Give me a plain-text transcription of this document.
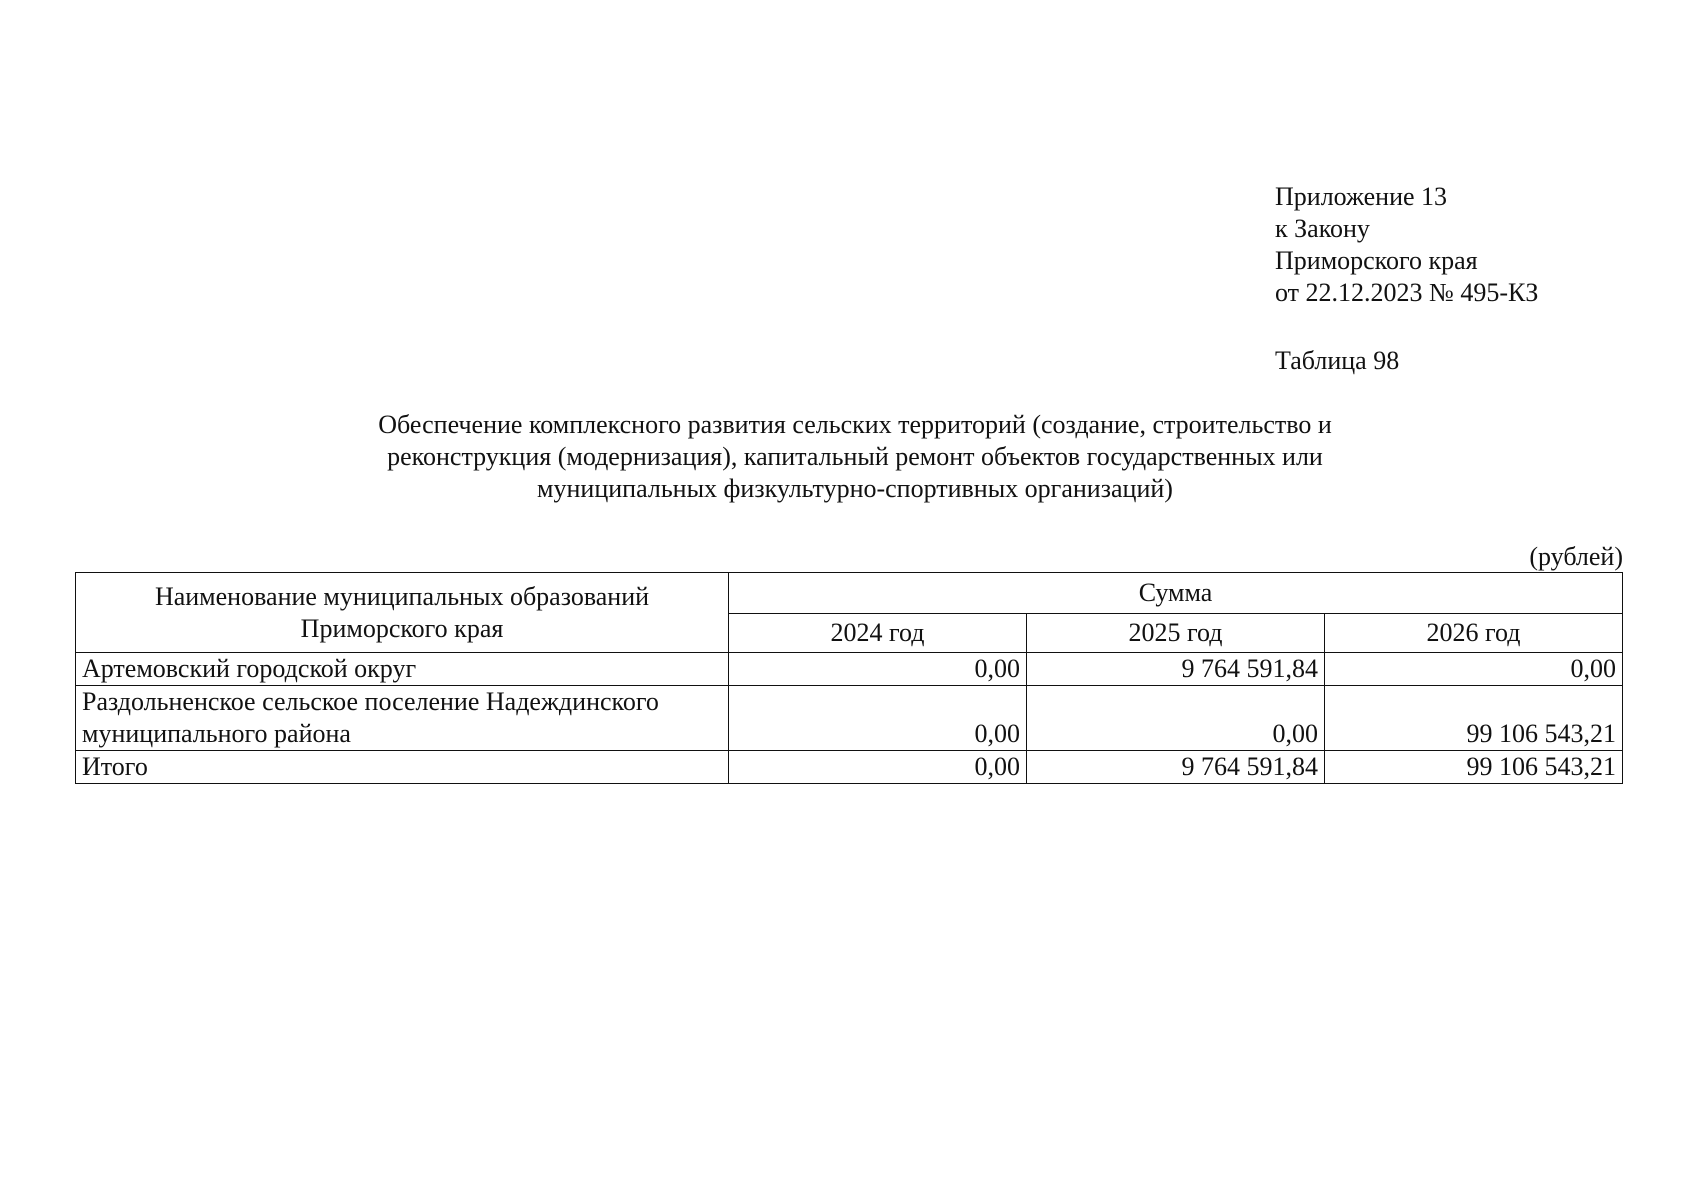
Приложение 13
к Закону
Приморского края
от 22.12.2023 № 495-КЗ
Таблица 98
Обеспечение комплексного развития сельских территорий (создание, строительство и
реконструкция (модернизация), капитальный ремонт объектов государственных или
муниципальных физкультурно-спортивных организаций)
(рублей)
Наименование муниципальных образований
Приморского края	Сумма		
	2024 год	2025 год	2026 год

Артемовский городской округ	0,00	9 764 591,84	0,00

Раздольненское сельское поселение Надеждинского
муниципального района	0,00	0,00	99 106 543,21
Итого	0,00	9 764 591,84	99 106 543,21
